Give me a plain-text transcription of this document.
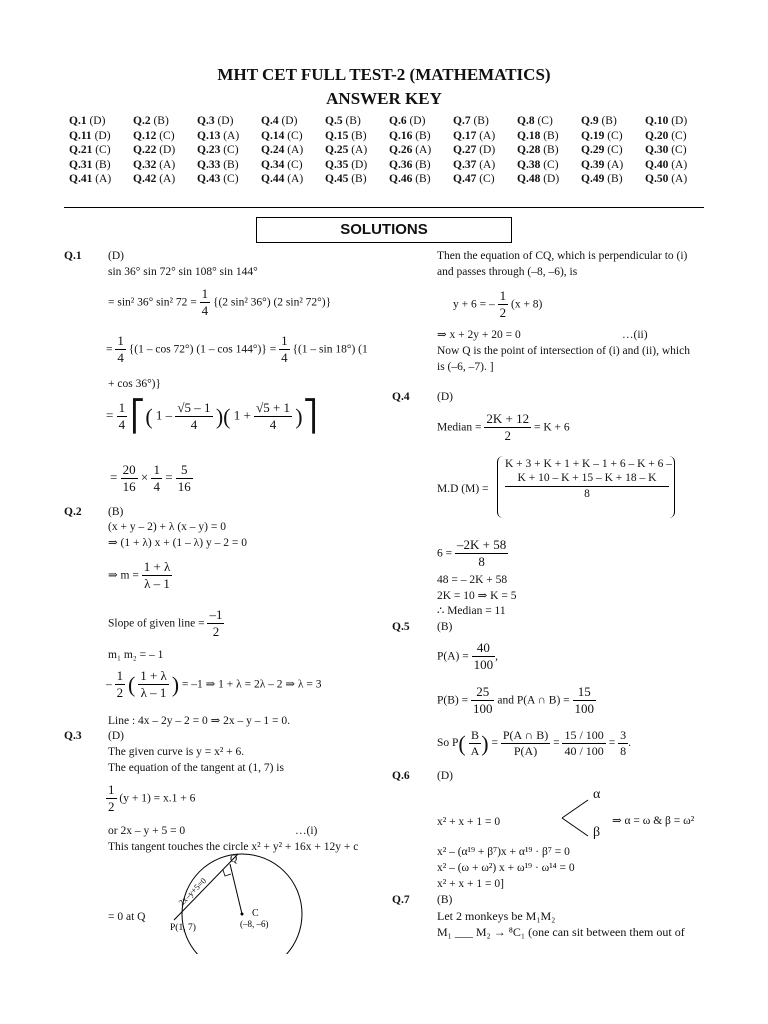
MHT CET FULL TEST-2 (MATHEMATICS)
ANSWER KEY
Q.1 (D)	Q.2 (B)	Q.3 (D)	Q.4 (D)	Q.5 (B)	Q.6 (D)	Q.7 (B)	Q.8 (C)	Q.9 (B)	Q.10 (D)
Q.11 (D)	Q.12 (C)	Q.13 (A)	Q.14 (C)	Q.15 (B)	Q.16 (B)	Q.17 (A)	Q.18 (B)	Q.19 (C)	Q.20 (C)
Q.21 (C)	Q.22 (D)	Q.23 (C)	Q.24 (A)	Q.25 (A)	Q.26 (A)	Q.27 (D)	Q.28 (B)	Q.29 (C)	Q.30 (C)
Q.31 (B)	Q.32 (A)	Q.33 (B)	Q.34 (C)	Q.35 (D)	Q.36 (B)	Q.37 (A)	Q.38 (C)	Q.39 (A)	Q.40 (A)
Q.41 (A)	Q.42 (A)	Q.43 (C)	Q.44 (A)	Q.45 (B)	Q.46 (B)	Q.47 (C)	Q.48 (D)	Q.49 (B)	Q.50 (A)
SOLUTIONS
Q.1 (D)
sin 36° sin 72° sin 108° sin 144°
= sin² 36° sin² $72 = \frac{1}{4} \{(2$ sin² 36°) (2 sin² 72°)}
= $\frac{1}{4} \{(1$ – cos 72°) $(1 - \cos 144^\circ)\} = \frac{1}{4} \{(1 - \sin 18^\circ)$ (1
+ cos 36°)}
= $\frac{1}{4}$ ⎡( $1 - \frac{√5 - 1}{4}$ )( $1 + \frac{√5 + 1}{4}$ )⎤
= $\frac{20}{16} \times \frac{1}{4} = \frac{5}{16}$
Q.2 (B)
(x + y – 2) + λ (x – y) = 0
⇒ (1 + λ) x + (1 – λ) y – 2 = 0
⇒ $m = \frac{1 + \lambda}{\lambda - 1}$
Slope of given line = $\frac{-1}{2}$
m₁ m₂ = – 1
– $\frac{1}{2}$ ( $\frac{1 + \lambda}{\lambda - 1}$ ) = –1 ⇒ 1 + λ = 2λ – 2 ⇒ λ = 3
Line : 4x – 2y – 2 = 0 ⇒ 2x – y – 1 = 0.
Q.3 (D)
The given curve is y = x² + 6.
The equation of the tangent at (1, 7) is
$\frac{1}{2} (y + 1) = x.1 + 6$
or 2x – y + 5 = 0	…(i)
This tangent touches the circle x² + y² + 16x + 12y + c
= 0 at Q
2x–y+5=0
Q
P(1, 7)
C
(–8, –6)
Then the equation of CQ, which is perpendicular to (i)
and passes through (–8, –6), is
y + 6 = – $\frac{1}{2} (x + 8)$
⇒ x + 2y + 20 = 0	…(ii)
Now Q is the point of intersection of (i) and (ii), which
is (–6, –7). ]
Q.4 (D)
Median = $\frac{2K + 12}{2} = K + 6$
M.D (M) =
K + 3 + K + 1 + K – 1 + 6 – K + 6 –
K + 10 – K + 15 – K + 18 – K
8
$6 = \frac{-2K + 58}{8}$
48 = – 2K + 58
2K = 10 ⇒ K = 5
∴ Median = 11
Q.5 (B)
$P(A) = \frac{40}{100}$ ,
$P(B) = \frac{25}{100}$ and P(A ∩ $B) = \frac{15}{100}$
So $P( \frac{B}{A}$ ) = $\frac{P(A \cap B)}{P(A)} = \frac{15 / 100}{40 / 100} = \frac{3}{8}$ .
Q.6 (D)
x² + x + 1 = 0
α
β
⇒ α = ω & β = ω²
x² – (α¹⁹ + β⁷)x + α¹⁹ · β⁷ = 0
x² – (ω + ω²) x + ω¹⁹ · ω¹⁴ = 0
x² + x + 1 = 0]
Q.7 (B)
Let 2 monkeys be M₁M₂
M₁ ___ M₂ → ⁸C₁ (one can sit between them out of
